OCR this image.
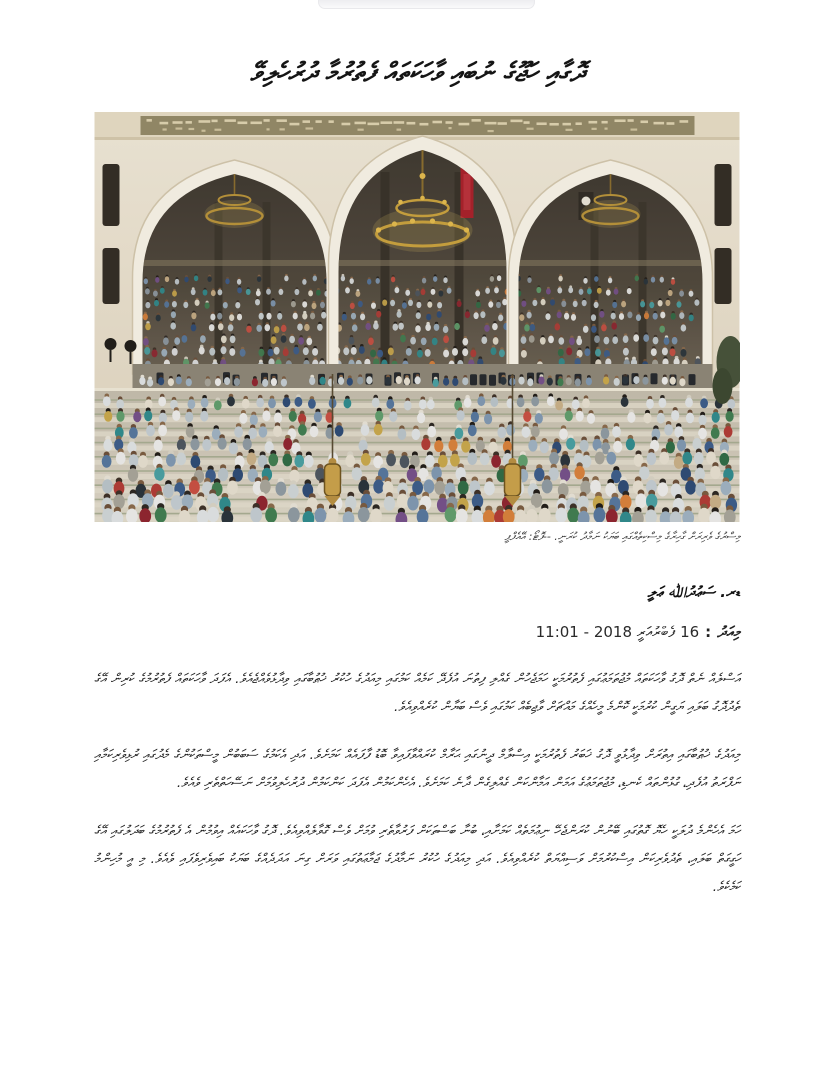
ދޮގާއި ހަޖޫގެ ނުބައި ވާހަކަތައް ފެތުރުމާ ދުރުހެލިވޭ
މިސްރުގެ ވެރިރަށް ގާހިރާގެ މިސްކިތެއްގައި ބަޔަކު ނަމާދު ކުރަނީ. --ފޮޓޯ: އޭއެފްޕީ
ޑރ. ސަޢުދުﷲ ޢަލީ
މިއަދު:16 ފެބްރުއަރީ 2018 - 11:01

އަސްލެއް ނެތް ދޮގު ވާހަކަތައް މުޖުތަމަޢުގައި ފެތުރުމަކީ ހަމަޖެހުން ގެއްލި ފިތުނަ އުފެދޭ ކަމެއް ކަމުގައި މިއަދުގެ ހުކުރު ޚުޠުބާގައި ވިދާޅުވެއްޖެއެވެ. އެފަދަ ވާހަކަތައް ފެތުރުމުގެ ކުރިން އޭގެ ތެދުދޮގު ބަލައި ޔަގީން ކުރުމަކީ ކޮންމެ މީހެއްގެ މައްޗަށް ވާޖިބެއް ކަމުގައި ވެސް ބަޔާން ކުރެއްވިއެވެ.

މިއަދުގެ ޚުޠުބާގައި އިތުރަށް ވިދާޅުވީ ދޮގު ޚަބަރު ފެތުރުމަކީ އިސްލާމް ދީނުގައި ޙަރާމް ކުރައްވާފައިވާ ބޮޑު ފާފައެއް ކަމަށެވެ. އަދި އެކަމުގެ ސަބަބުން މީސްތަކުންގެ މެދުގައި ރުޅިވެރިކަމާއި ނަފްރަތު އުފެދި، ގުޅުންތައް ކެނޑި، މުޖުތަމަޢުގެ އަމަން އަމާންކަން ގެއްލިގެން ދާނެ ކަމަށެވެ. އެހެންކަމުން އެފަދަ ކަންކަމުން ދުރުހެލިވުމަށް ނަސޭހަތްތެރި ވެއެވެ.

ހަމަ އެހެންމެ ދުލަކީ ހެޔޮ ގޮތުގައި ބޭނުން ކުރަންޖެހޭ ނިޢުމަތެއް ކަމަށާއި، ބުނާ ބަސްތަކަށް ފަރުވާތެރި ވުމަށް ވެސް ގޮވާލެއްވިއެވެ. ދޮގު ވާހަކައެއް އިވުމުން އެ ފެތުރުމުގެ ބަދަލުގައި އޭގެ ހަގީގަތް ބަލައި، ތެދުވެރިކަން އިސްކުރުމަށް ވަސިއްޔަތް ކުރެއްވިއެވެ. އަދި މިއަދުގެ ހުކުރު ނަމާދުގެ ޖަމާޢަތުގައި ވަރަށް ގިނަ އަދަދެއްގެ ބަޔަކު ބައިވެރިވެފައި ވެއެވެ. މި އީ މުހިންމު ކަމެކެވެ.
